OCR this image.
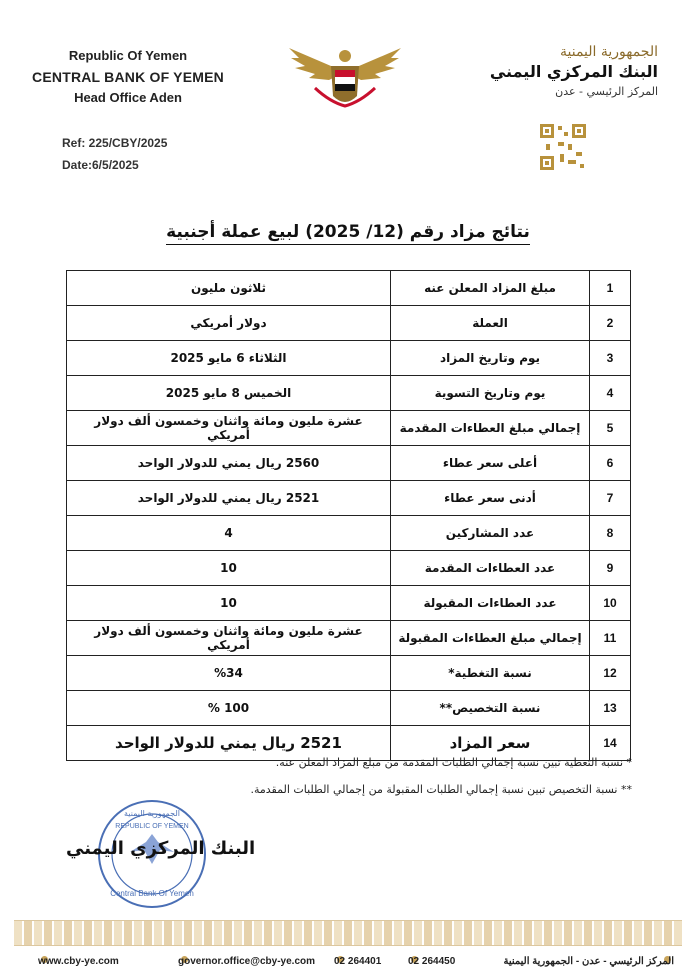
Republic Of Yemen
CENTRAL BANK OF YEMEN
Head Office Aden
Ref: 225/CBY/2025
Date:6/5/2025
الجمهورية اليمنية
البنك المركزي اليمني
المركز الرئيسي - عدن
نتائج مزاد رقم (12/ 2025) لبيع عملة أجنبية
1	مبلغ المزاد المعلن عنه	ثلاثون مليون
2	العملة	دولار أمريكي
3	يوم وتاريخ المزاد	الثلاثاء 6 مايو 2025
4	يوم وتاريخ التسوية	الخميس 8 مايو 2025
5	إجمالي مبلغ العطاءات المقدمة	عشرة مليون ومائة واثنان وخمسون ألف دولار أمريكي
6	أعلى سعر عطاء	2560 ريال يمني للدولار الواحد
7	أدنى سعر عطاء	2521 ريال يمني للدولار الواحد
8	عدد المشاركين	4
9	عدد العطاءات المقدمة	10
10	عدد العطاءات المقبولة	10
11	إجمالي مبلغ العطاءات المقبولة	عشرة مليون ومائة واثنان وخمسون ألف دولار أمريكي
12	نسبة التغطية*	%34
13	نسبة التخصيص**	100 %
14	سعر المزاد	2521 ريال يمني للدولار الواحد
* نسبة التغطية تبين نسبة إجمالي الطلبات المقدمة من مبلغ المزاد المعلن عنه.
** نسبة التخصيص تبين نسبة إجمالي الطلبات المقبولة من إجمالي الطلبات المقدمة.
الجمهورية اليمنية
REPUBLIC OF YEMEN
Central Bank Of Yemen
البنك المركزي اليمني
www.cby-ye.com	governor.office@cby-ye.com 02 264401	02 264450	المركز الرئيسي - عدن - الجمهورية اليمنية
